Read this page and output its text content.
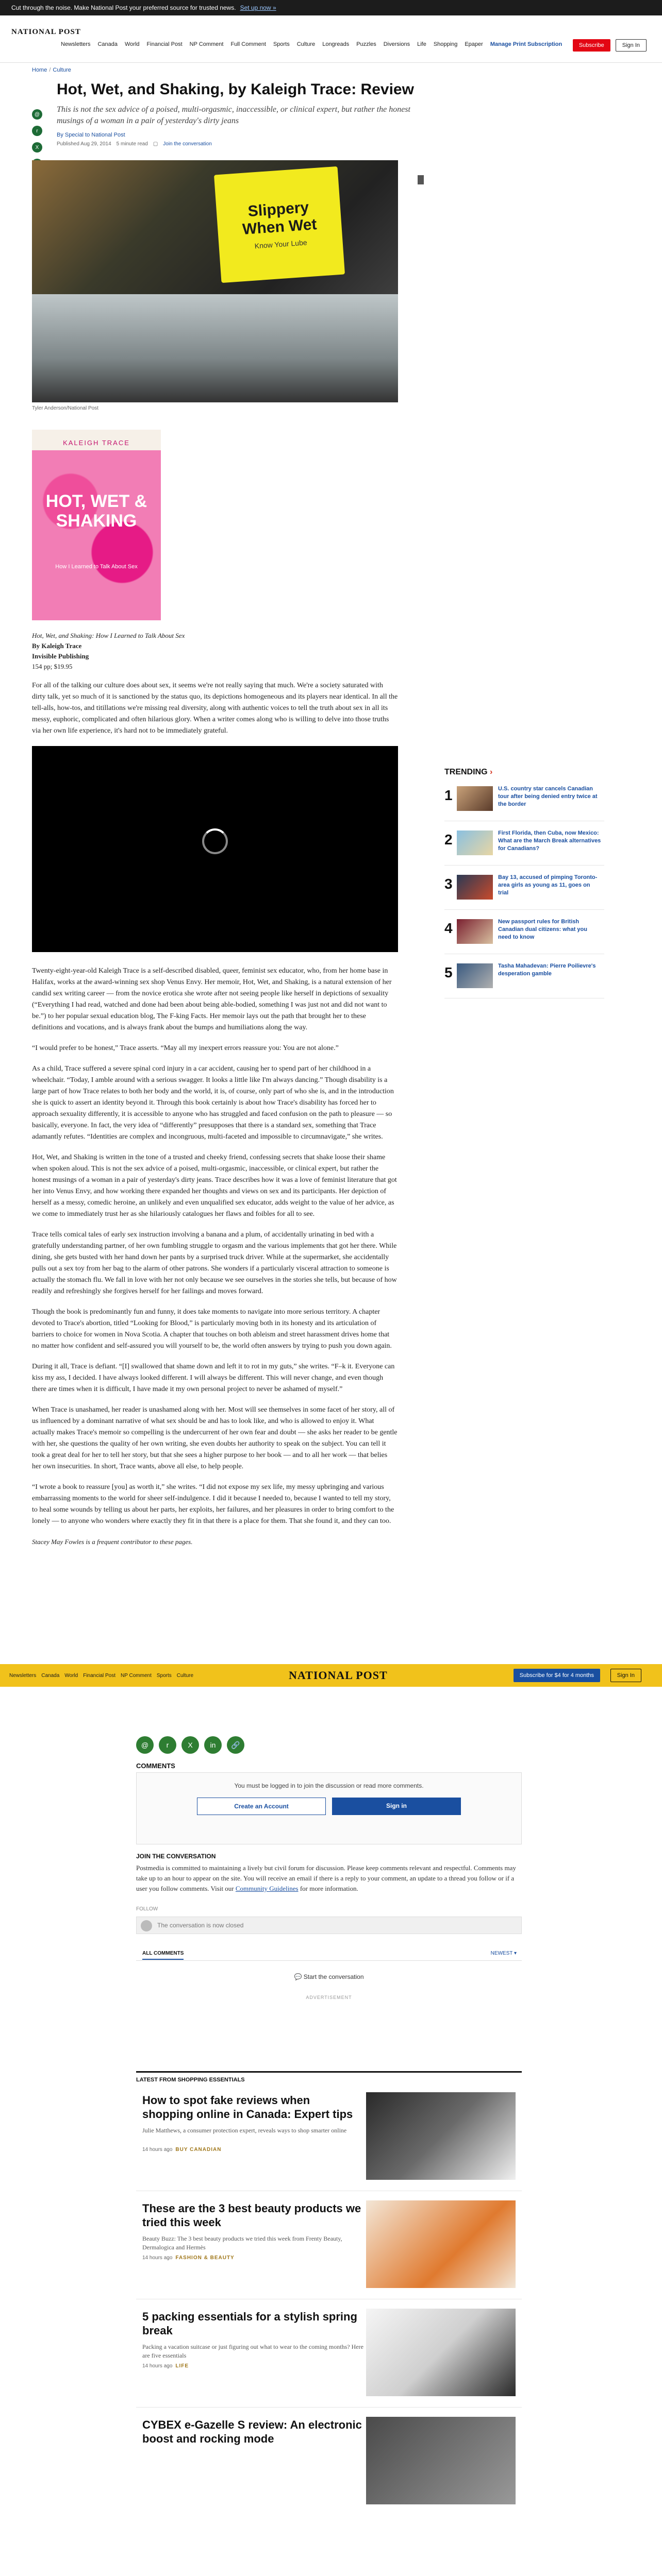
Cut through the noise. Make National Post your preferred source for trusted news. Set up now »
NATIONAL POST
Newsletters Canada World Financial Post NP Comment Full Comment Sports Culture Longreads Puzzles Diversions Life Shopping Epaper Manage Print Subscription	Subscribe	Sign In
Home / Culture
@
r
X
Hot, Wet, and Shaking, by Kaleigh Trace: Review

This is not the sex advice of a poised, multi-orgasmic, inaccessible, or clinical expert, but rather the honest musings of a woman in a pair of yesterday's dirty jeans

By Special to National Post
Published Aug 29, 2014 5 minute read ▢ Join the conversation
Slippery
When Wet
Know Your Lube
Tyler Anderson/National Post
KALEIGH TRACE
HOT, WET & SHAKING
How I Learned to Talk About Sex
Hot, Wet, and Shaking: How I Learned to Talk About Sex
By Kaleigh Trace
Invisible Publishing
154 pp; $19.95

For all of the talking our culture does about sex, it seems we're not really saying that much. We're a society saturated with dirty talk, yet so much of it is sanctioned by the status quo, its depictions homogeneous and its players near identical. In all the tell-alls, how-tos, and titillations we're missing real diversity, along with authentic voices to tell the truth about sex in all its messy, euphoric, complicated and often hilarious glory. When a writer comes along who is willing to delve into those truths via her own life experience, it's hard not to be immediately grateful.

Twenty-eight-year-old Kaleigh Trace is a self-described disabled, queer, feminist sex educator, who, from her home base in Halifax, works at the award-winning sex shop Venus Envy. Her memoir, Hot, Wet, and Shaking, is a natural extension of her candid sex writing career — from the novice erotica she wrote after not seeing people like herself in depictions of sexuality (“Everything I had read, watched and done had been about being able-bodied, something I was just not and did not want to be.”) to her popular sexual education blog, The F-king Facts. Her memoir lays out the path that brought her to these definitions and vocations, and is always frank about the bumps and humiliations along the way.

“I would prefer to be honest,” Trace asserts. “May all my inexpert errors reassure you: You are not alone.”

As a child, Trace suffered a severe spinal cord injury in a car accident, causing her to spend part of her childhood in a wheelchair. “Today, I amble around with a serious swagger. It looks a little like I'm always dancing.” Though disability is a large part of how Trace relates to both her body and the world, it is, of course, only part of who she is, and in the introduction she is quick to assert an identity beyond it. Through this book certainly is about how Trace's disability has forced her to approach sexuality differently, it is accessible to anyone who has struggled and faced confusion on the path to pleasure — so basically, everyone. In fact, the very idea of “differently” presupposes that there is a standard sex, something that Trace adamantly refutes. “Identities are complex and incongruous, multi-faceted and impossible to circumnavigate,” she writes.

Hot, Wet, and Shaking is written in the tone of a trusted and cheeky friend, confessing secrets that shake loose their shame when spoken aloud. This is not the sex advice of a poised, multi-orgasmic, inaccessible, or clinical expert, but rather the honest musings of a woman in a pair of yesterday's dirty jeans. Trace describes how it was a love of feminist literature that got her into Venus Envy, and how working there expanded her thoughts and views on sex and its participants. Her depiction of herself as a messy, comedic heroine, an unlikely and even unqualified sex educator, adds weight to the value of her advice, as we come to immediately trust her as she hilariously catalogues her flaws and foibles for all to see.

Trace tells comical tales of early sex instruction involving a banana and a plum, of accidentally urinating in bed with a gratefully understanding partner, of her own fumbling struggle to orgasm and the various implements that got her there. While dining, she gets busted with her hand down her pants by a surprised truck driver. While at the supermarket, she accidentally pulls out a sex toy from her bag to the alarm of other patrons. She wonders if a particularly visceral attraction to someone is actually the stomach flu. We fall in love with her not only because we see ourselves in the stories she tells, but because of how readily and refreshingly she forgives herself for her failings and moves forward.

Though the book is predominantly fun and funny, it does take moments to navigate into more serious territory. A chapter devoted to Trace's abortion, titled “Looking for Blood,” is particularly moving both in its honesty and its articulation of barriers to choice for women in Nova Scotia. A chapter that touches on both ableism and street harassment drives home that no matter how confident and self-assured you will yourself to be, the world often answers by trying to push you down again.

During it all, Trace is defiant. “[I] swallowed that shame down and left it to rot in my guts,” she writes. “F–k it. Everyone can kiss my ass, I decided. I have always looked different. I will always be different. This will never change, and even though there are times when it is difficult, I have made it my own personal project to never be ashamed of myself.”

When Trace is unashamed, her reader is unashamed along with her. Most will see themselves in some facet of her story, all of us influenced by a dominant narrative of what sex should be and has to look like, and who is allowed to enjoy it. What actually makes Trace's memoir so compelling is the undercurrent of her own fear and doubt — she asks her reader to be gentle with her, she questions the quality of her own writing, she even doubts her authority to speak on the subject. You can tell it took a great deal for her to tell her story, but that she sees a higher purpose to her book — and to all her work — that belies her own insecurities. In short, Trace wants, above all else, to help people.

“I wrote a book to reassure [you] as worth it,” she writes. “I did not expose my sex life, my messy upbringing and various embarrassing moments to the world for sheer self-indulgence. I did it because I needed to, because I wanted to tell my story, to heal some wounds by telling us about her parts, her exploits, her failures, and her pleasures in order to bring comfort to the lonely — to anyone who wonders where exactly they fit in that there is a place for them. That she found it, and they can too.

Stacey May Fowles is a frequent contributor to these pages.

TRENDING ›
1	U.S. country star cancels Canadian tour after being denied entry twice at the border
2	First Florida, then Cuba, now Mexico: What are the March Break alternatives for Canadians?
3	Bay 13, accused of pimping Toronto-area girls as young as 11, goes on trial
4	New passport rules for British Canadian dual citizens: what you need to know
5	Tasha Mahadevan: Pierre Poilievre's desperation gamble
Newsletters Canada World Financial Post NP Comment Sports Culture	NATIONAL POST	Subscribe for $4 for 4 months	Sign In
@	r	X	in	🔗
COMMENTS
You must be logged in to join the discussion or read more comments.
Create an Account	Sign in
JOIN THE CONVERSATION
Postmedia is committed to maintaining a lively but civil forum for discussion. Please keep comments relevant and respectful. Comments may take up to an hour to appear on the site. You will receive an email if there is a reply to your comment, an update to a thread you follow or if a user you follow comments. Visit our Community Guidelines for more information.
FOLLOW
The conversation is now closed
ALL COMMENTS	NEWEST ▾
💬 Start the conversation
ADVERTISEMENT
LATEST FROM SHOPPING ESSENTIALS
How to spot fake reviews when shopping online in Canada: Expert tips
Julie Matthews, a consumer protection expert, reveals ways to shop smarter online
14 hours ago BUY CANADIAN
These are the 3 best beauty products we tried this week
Beauty Buzz: The 3 best beauty products we tried this week from Frenty Beauty, Dermalogica and Hermès
14 hours ago FASHION & BEAUTY
5 packing essentials for a stylish spring break
Packing a vacation suitcase or just figuring out what to wear to the coming months? Here are five essentials
14 hours ago LIFE
CYBEX e-Gazelle S review: An electronic boost and rocking mode
